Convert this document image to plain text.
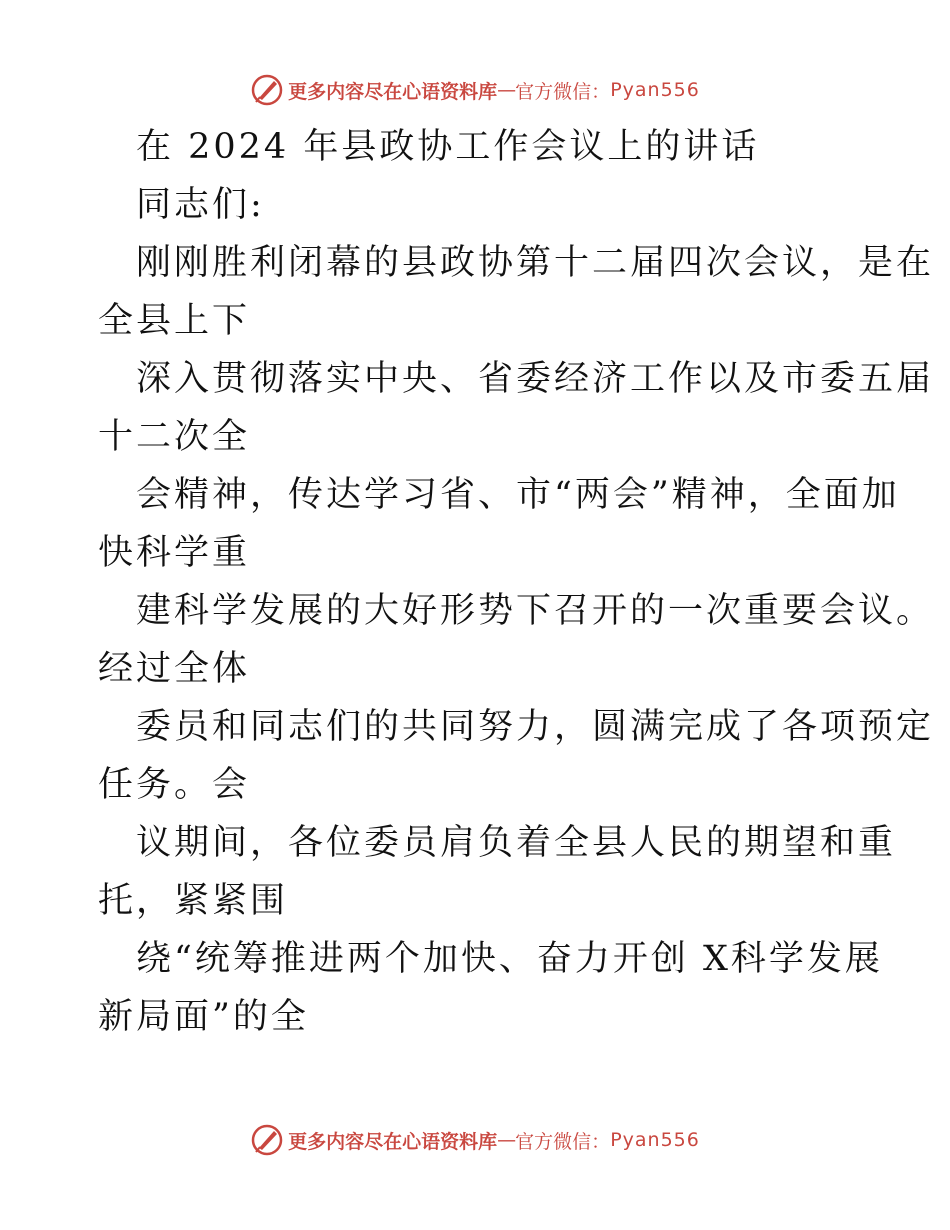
更多内容尽在心语资料库 — 官方微信： Pyan556
在 2024 年县政协工作会议上的讲话
同志们:
刚刚胜利闭幕的县政协第十二届四次会议，是在
全县上下
深入贯彻落实中央、省委经济工作以及市委五届
十二次全
会精神，传达学习省、市“两会”精神，全面加
快科学重
建科学发展的大好形势下召开的一次重要会议。
经过全体
委员和同志们的共同努力，圆满完成了各项预定
任务。会
议期间，各位委员肩负着全县人民的期望和重
托，紧紧围
绕“统筹推进两个加快、奋力开创 X科学发展
新局面”的全
更多内容尽在心语资料库 — 官方微信： Pyan556
